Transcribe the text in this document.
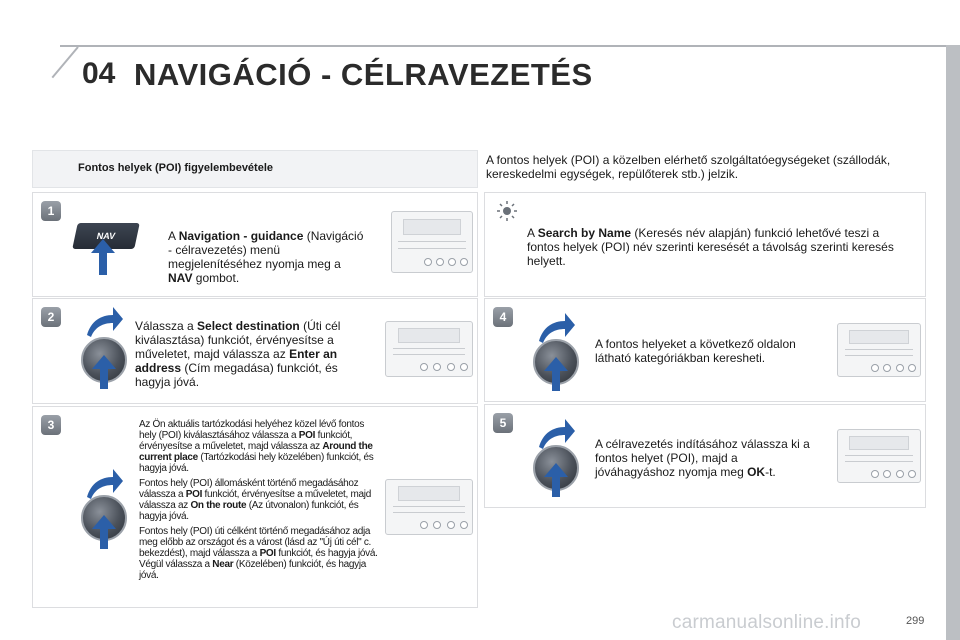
04 NAVIGÁCIÓ - CÉLRAVEZETÉS
Fontos helyek (POI) figyelembevétele
A fontos helyek (POI) a közelben elérhető szolgáltatóegységeket (szállodák, kereskedelmi egységek, repülőterek stb.) jelzik.
1
NAV	A Navigation - guidance (Navigáció - célravezetés) menü megjelenítéséhez nyomja meg a NAV gombot.
2
Válassza a Select destination (Úti cél kiválasztása) funkciót, érvényesítse a műveletet, majd válassza az Enter an address (Cím megadása) funkciót, és hagyja jóvá.
3	Az Ön aktuális tartózkodási helyéhez közel lévő fontos hely (POI) kiválasztásához válassza a POI funkciót, érvényesítse a műveletet, majd válassza az Around the current place (Tartózkodási hely közelében) funkciót, és hagyja jóvá.

Fontos hely (POI) állomásként történő megadásához válassza a POI funkciót, érvényesítse a műveletet, majd válassza az On the route (Az útvonalon) funkciót, és hagyja jóvá.

Fontos hely (POI) úti célként történő megadásához adja meg előbb az országot és a várost (lásd az "Új úti cél" c. bekezdést), majd válassza a POI funkciót, és hagyja jóvá. Végül válassza a Near (Közelében) funkciót, és hagyja jóvá.

A Search by Name (Keresés név alapján) funkció lehetővé teszi a fontos helyek (POI) név szerinti keresését a távolság szerinti keresés helyett.
4
A fontos helyeket a következő oldalon látható kategóriákban keresheti.
5
A célravezetés indításához válassza ki a fontos helyet (POI), majd a jóváhagyáshoz nyomja meg OK-t.
carmanualsonline.info	299
